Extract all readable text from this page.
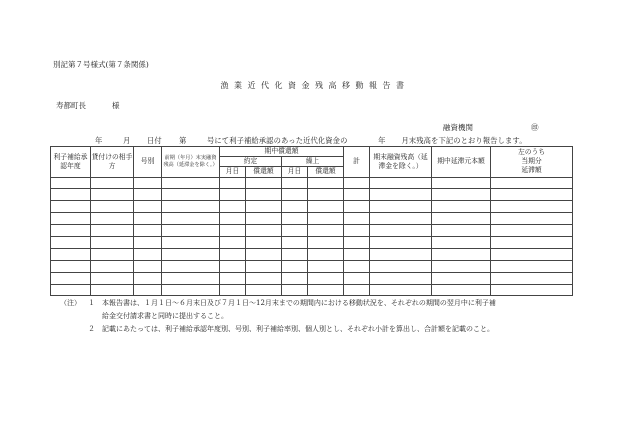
別記第７号様式(第７条関係)
漁業近代化資金残高移動報告書
寿都町長	様
融資機関	㊞
年	月 日付 第	号にて利子補給承認のあった近代化資金の	年 月末残高を下記のとおり報告します。
利子補給承認年度	貸付けの相手方	号別	前期（年月）末実融資残高（延滞金を除く。）	期中償還額				計	期末融資残高（延滞金を除く。）	期中延滞元本額	左のうち
当期分
延滞額

				約定		繰上					
				月日	償還額	月日	償還額				

（注） １ 本報告書は、１月１日～６月末日及び７月１日～12月末までの期間内における移動状況を、それぞれの期間の翌月中に利子補
給金交付請求書と同時に提出すること。
２ 記載にあたっては、利子補給承認年度別、号別、利子補給率別、個人別とし、それぞれ小計を算出し、合計額を記載のこと。
